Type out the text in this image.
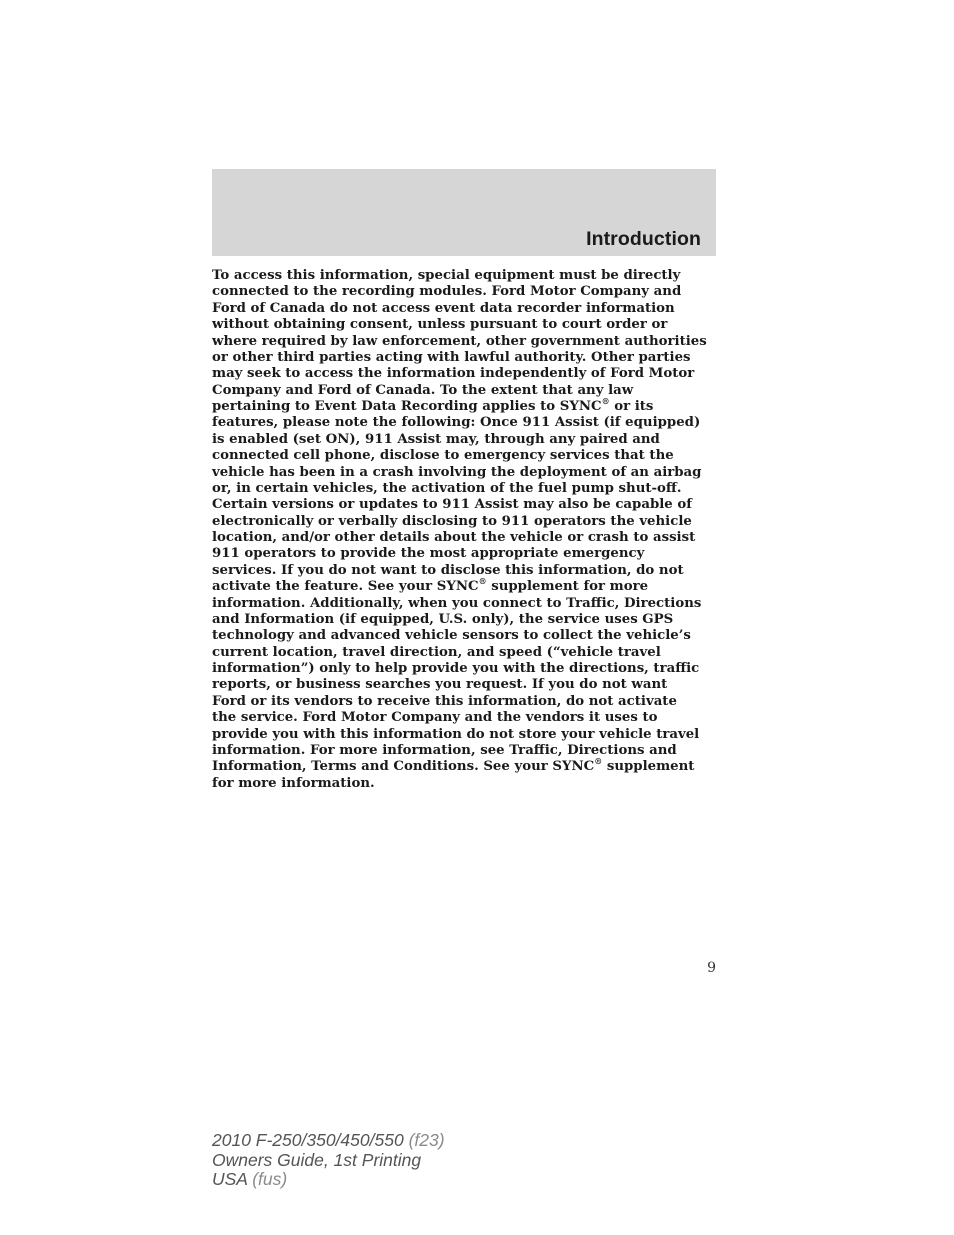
Introduction
To access this information, special equipment must be directly
connected to the recording modules. Ford Motor Company and
Ford of Canada do not access event data recorder information
without obtaining consent, unless pursuant to court order or
where required by law enforcement, other government authorities
or other third parties acting with lawful authority. Other parties
may seek to access the information independently of Ford Motor
Company and Ford of Canada. To the extent that any law
pertaining to Event Data Recording applies to SYNC® or its
features, please note the following: Once 911 Assist (if equipped)
is enabled (set ON), 911 Assist may, through any paired and
connected cell phone, disclose to emergency services that the
vehicle has been in a crash involving the deployment of an airbag
or, in certain vehicles, the activation of the fuel pump shut-off.
Certain versions or updates to 911 Assist may also be capable of
electronically or verbally disclosing to 911 operators the vehicle
location, and/or other details about the vehicle or crash to assist
911 operators to provide the most appropriate emergency
services. If you do not want to disclose this information, do not
activate the feature. See your SYNC® supplement for more
information. Additionally, when you connect to Traffic, Directions
and Information (if equipped, U.S. only), the service uses GPS
technology and advanced vehicle sensors to collect the vehicle’s
current location, travel direction, and speed (“vehicle travel
information”) only to help provide you with the directions, traffic
reports, or business searches you request. If you do not want
Ford or its vendors to receive this information, do not activate
the service. Ford Motor Company and the vendors it uses to
provide you with this information do not store your vehicle travel
information. For more information, see Traffic, Directions and
Information, Terms and Conditions. See your SYNC® supplement
for more information.
9
2010 F-250/350/450/550 (f23)
Owners Guide, 1st Printing
USA (fus)
